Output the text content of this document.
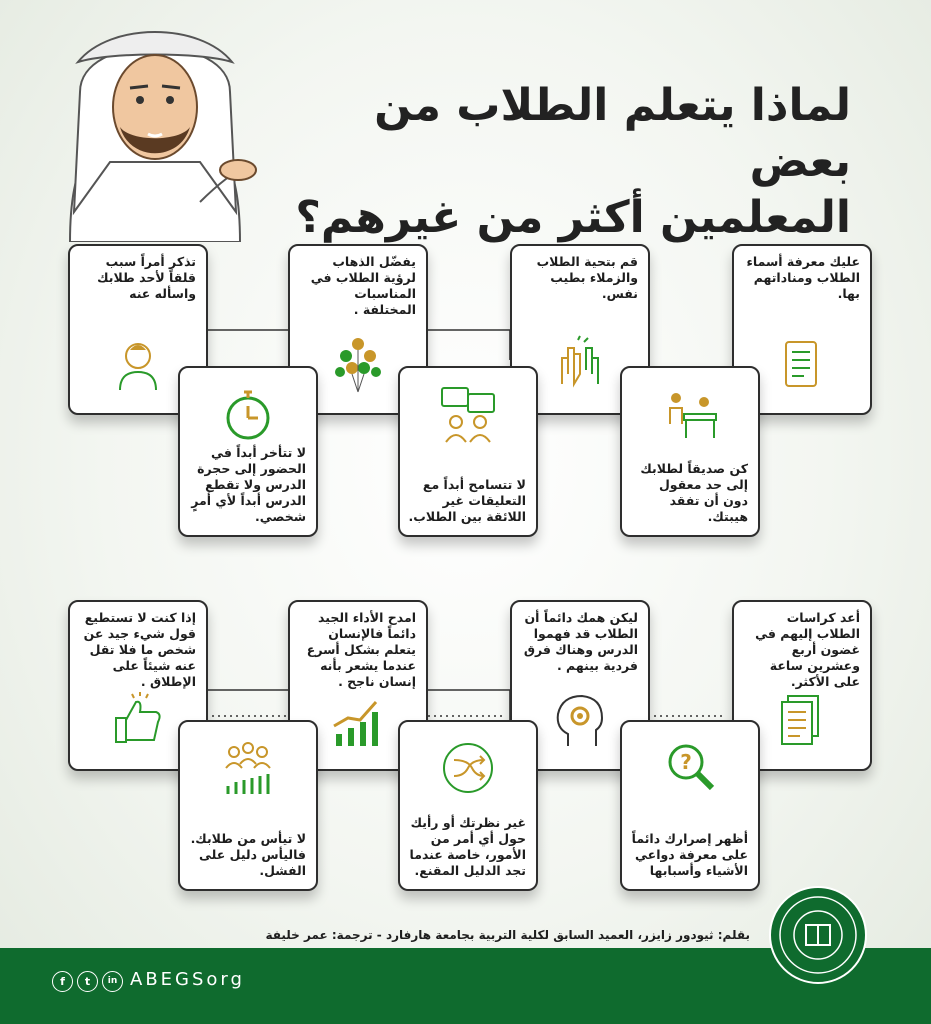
لماذا يتعلم الطلاب من بعض
المعلمين أكثر من غيرهم؟
عليك معرفة أسماء الطلاب ومناداتهم بها.
قم بتحية الطلاب والزملاء بطيب نفس.
يفضّل الذهاب لرؤية الطلاب في المناسبات المختلفة .
تذكر أمراً سبب قلقاً لأحد طلابك واسأله عنه
كن صديقاً لطلابك إلى حد معقول دون أن تفقد هيبتك.
لا تتسامح أبداً مع التعليقات غير اللائقة بين الطلاب.
لا تتأخر أبداً في الحضور إلى حجرة الدرس ولا تقطع الدرس أبداً لأي أمرٍ شخصي.
أعد كراسات الطلاب إليهم في غضون أربع وعشرين ساعة على الأكثر.
ليكن همك دائماً أن الطلاب قد فهموا الدرس وهناك فرق فردية بينهم .
امدح الأداء الجيد دائماً فالإنسان يتعلم بشكل أسرع عندما يشعر بأنه إنسان ناجح .
إذا كنت لا تستطيع قول شيء جيد عن شخص ما فلا تقل عنه شيئاً على الإطلاق .
أظهر إصرارك دائماً على معرفة دواعي الأشياء وأسبابها
?
غير نظرتك أو رأيك حول أي أمر من الأمور، خاصة عندما تجد الدليل المقنع.
لا تيأس من طلابك. فاليأس دليل على الفشل.
بقلم: ثيودور زايزر، العميد السابق لكلية التربية بجامعة هارفارد - ترجمة: عمر خليفة
f	t	in ABEGSorg
